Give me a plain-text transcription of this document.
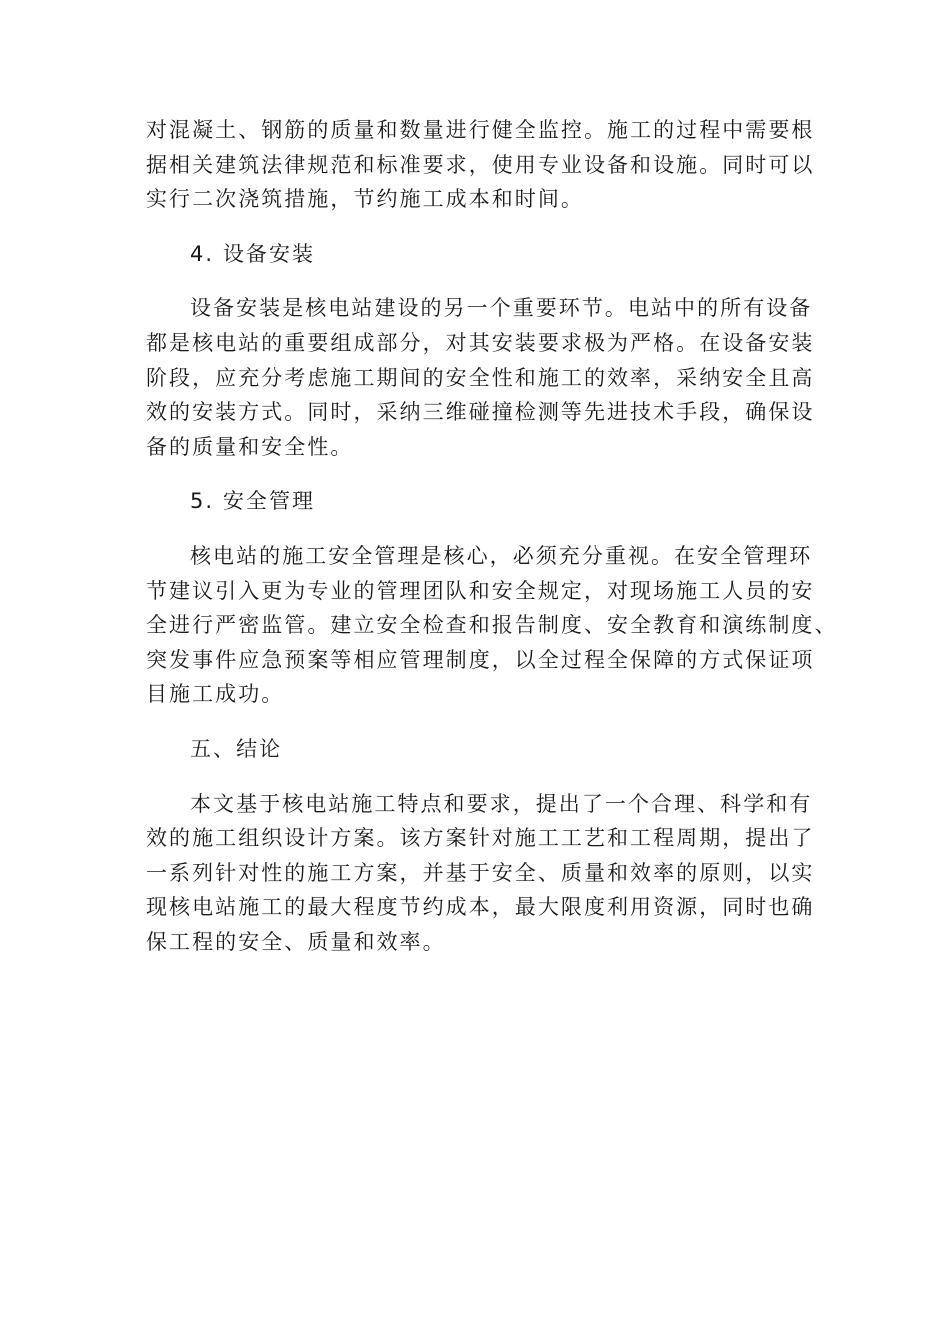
对混凝土、钢筋的质量和数量进行健全监控。施工的过程中需要根
据相关建筑法律规范和标准要求，使用专业设备和设施。同时可以
实行二次浇筑措施，节约施工成本和时间。
4. 设备安装
设备安装是核电站建设的另一个重要环节。电站中的所有设备
都是核电站的重要组成部分，对其安装要求极为严格。在设备安装
阶段，应充分考虑施工期间的安全性和施工的效率，采纳安全且高
效的安装方式。同时，采纳三维碰撞检测等先进技术手段，确保设
备的质量和安全性。
5. 安全管理
核电站的施工安全管理是核心，必须充分重视。在安全管理环
节建议引入更为专业的管理团队和安全规定，对现场施工人员的安
全进行严密监管。建立安全检查和报告制度、安全教育和演练制度、
突发事件应急预案等相应管理制度，以全过程全保障的方式保证项
目施工成功。
五、结论
本文基于核电站施工特点和要求，提出了一个合理、科学和有
效的施工组织设计方案。该方案针对施工工艺和工程周期，提出了
一系列针对性的施工方案，并基于安全、质量和效率的原则，以实
现核电站施工的最大程度节约成本，最大限度利用资源，同时也确
保工程的安全、质量和效率。
